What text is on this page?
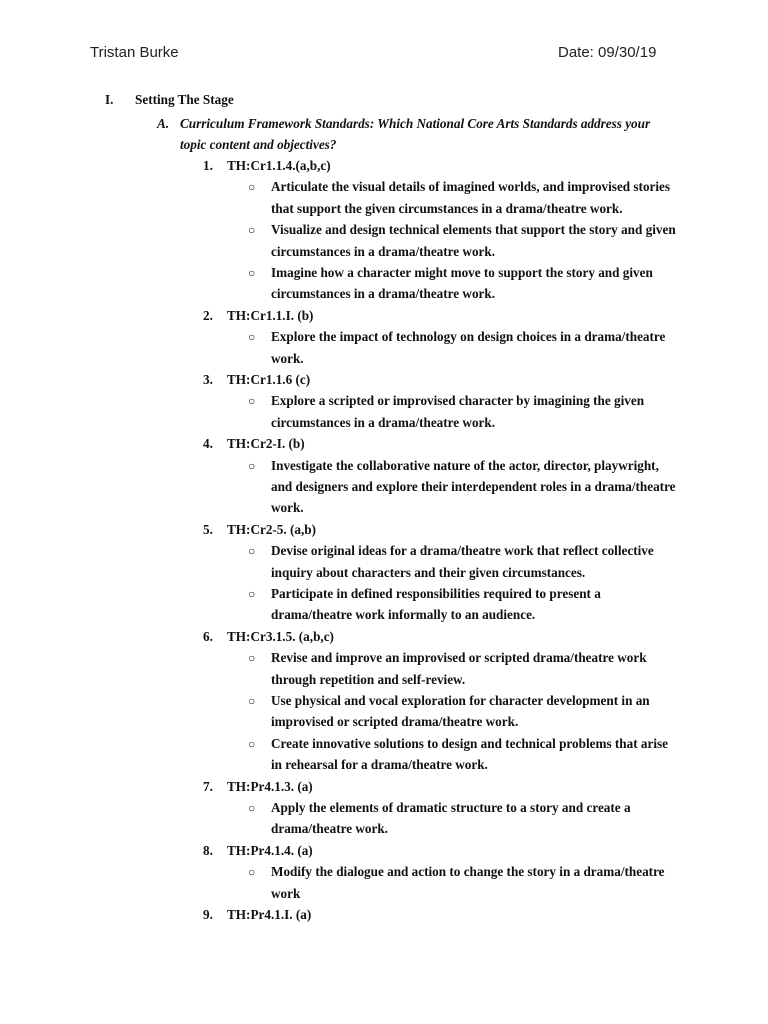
Tristan Burke	Date: 09/30/19
I. Setting The Stage
A. Curriculum Framework Standards: Which National Core Arts Standards address your
topic content and objectives?
1. TH:Cr1.1.4.(a,b,c)
○ Articulate the visual details of imagined worlds, and improvised stories
that support the given circumstances in a drama/theatre work.
○ Visualize and design technical elements that support the story and given
circumstances in a drama/theatre work.
○ Imagine how a character might move to support the story and given
circumstances in a drama/theatre work.
2. TH:Cr1.1.I. (b)
○ Explore the impact of technology on design choices in a drama/theatre
work.
3. TH:Cr1.1.6 (c)
○ Explore a scripted or improvised character by imagining the given
circumstances in a drama/theatre work.
4. TH:Cr2-I. (b)
○ Investigate the collaborative nature of the actor, director, playwright,
and designers and explore their interdependent roles in a drama/theatre
work.
5. TH:Cr2-5. (a,b)
○ Devise original ideas for a drama/theatre work that reflect collective
inquiry about characters and their given circumstances.
○ Participate in defined responsibilities required to present a
drama/theatre work informally to an audience.
6. TH:Cr3.1.5. (a,b,c)
○ Revise and improve an improvised or scripted drama/theatre work
through repetition and self-review.
○ Use physical and vocal exploration for character development in an
improvised or scripted drama/theatre work.
○ Create innovative solutions to design and technical problems that arise
in rehearsal for a drama/theatre work.
7. TH:Pr4.1.3. (a)
○ Apply the elements of dramatic structure to a story and create a
drama/theatre work.
8. TH:Pr4.1.4. (a)
○ Modify the dialogue and action to change the story in a drama/theatre
work
9. TH:Pr4.1.I. (a)
